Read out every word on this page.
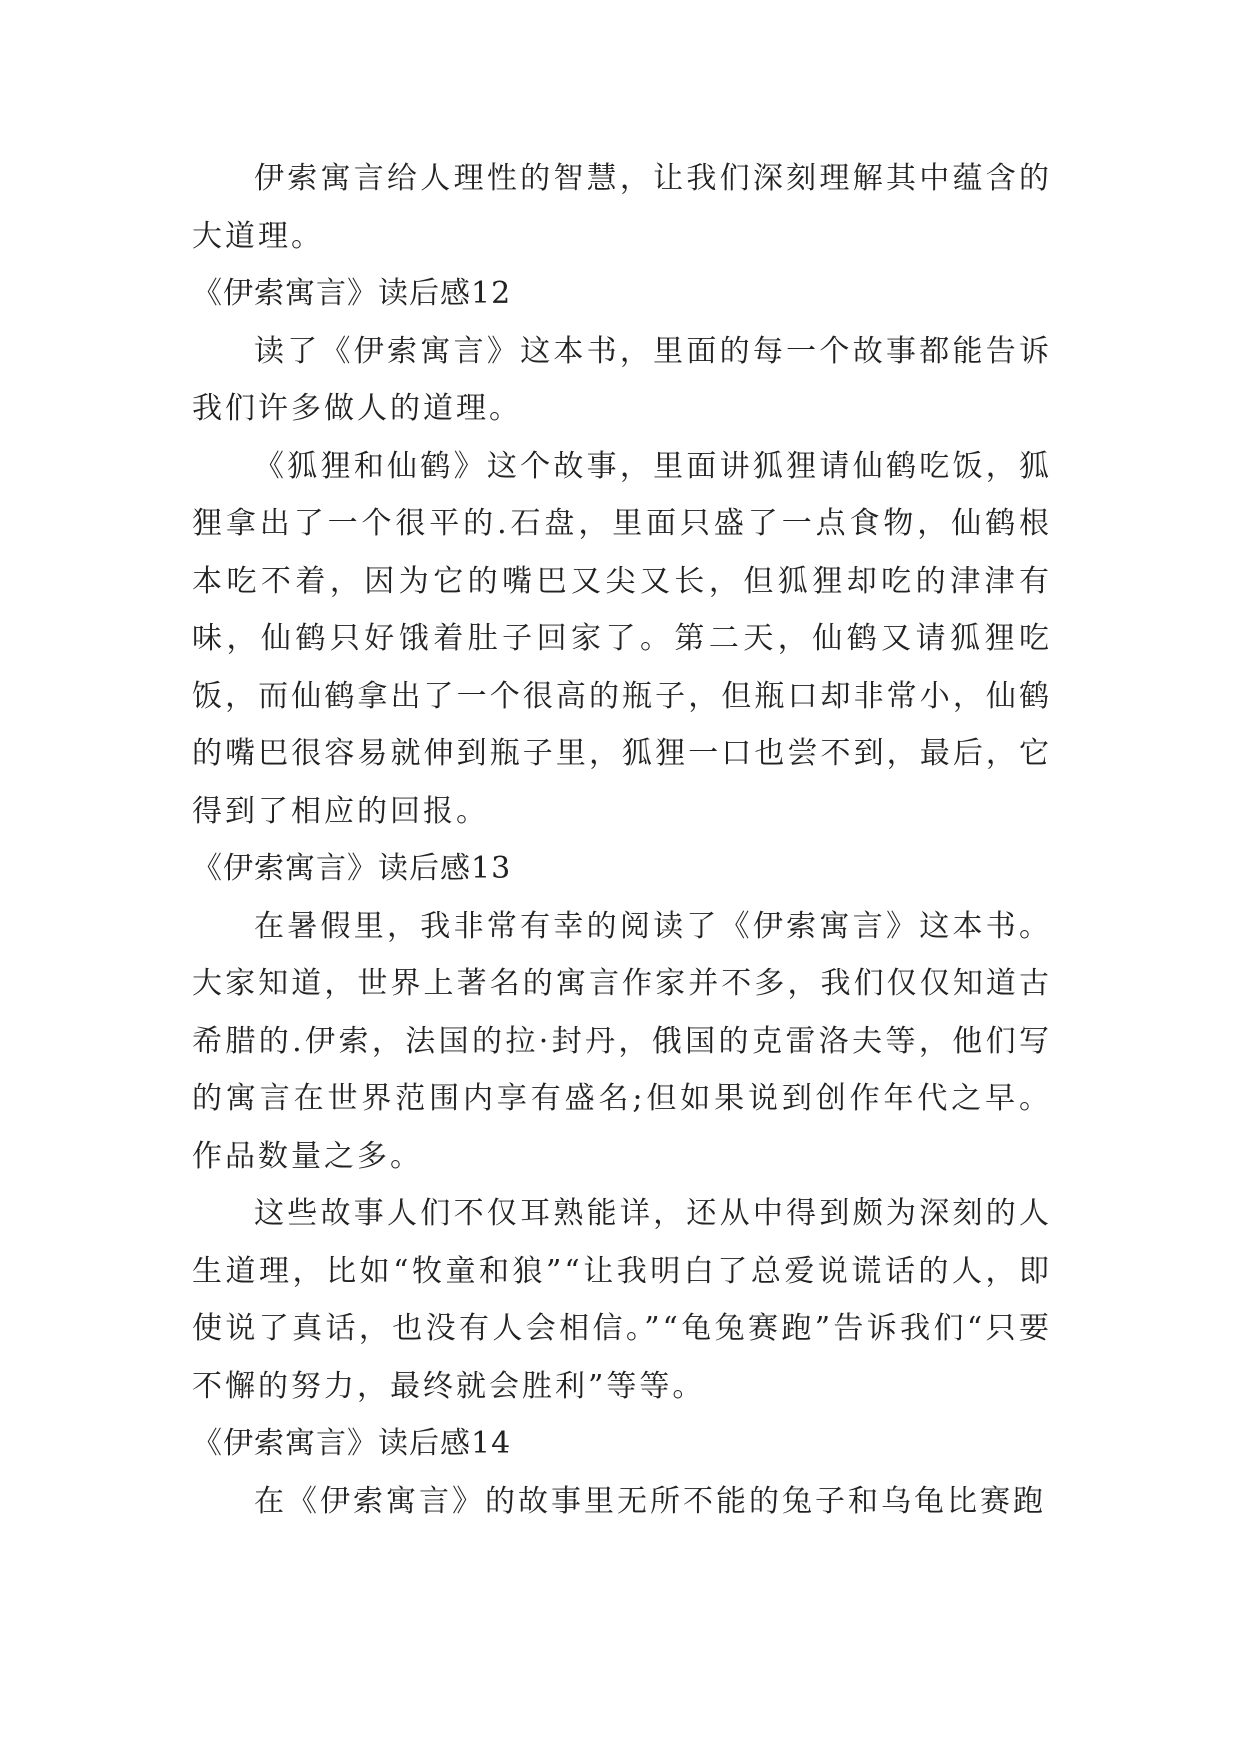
伊索寓言给人理性的智慧，让我们深刻理解其中蕴含的大道理。

《伊索寓言》读后感12

读了《伊索寓言》这本书，里面的每一个故事都能告诉我们许多做人的道理。

《狐狸和仙鹤》这个故事，里面讲狐狸请仙鹤吃饭，狐狸拿出了一个很平的.石盘，里面只盛了一点食物，仙鹤根本吃不着，因为它的嘴巴又尖又长，但狐狸却吃的津津有味，仙鹤只好饿着肚子回家了。第二天，仙鹤又请狐狸吃饭，而仙鹤拿出了一个很高的瓶子，但瓶口却非常小，仙鹤的嘴巴很容易就伸到瓶子里，狐狸一口也尝不到，最后，它得到了相应的回报。

《伊索寓言》读后感13

在暑假里，我非常有幸的阅读了《伊索寓言》这本书。大家知道，世界上著名的寓言作家并不多，我们仅仅知道古希腊的.伊索，法国的拉·封丹，俄国的克雷洛夫等，他们写的寓言在世界范围内享有盛名;但如果说到创作年代之早。作品数量之多。

这些故事人们不仅耳熟能详，还从中得到颇为深刻的人生道理，比如“牧童和狼”“让我明白了总爱说谎话的人，即使说了真话，也没有人会相信。”“龟兔赛跑”告诉我们“只要不懈的努力，最终就会胜利”等等。

《伊索寓言》读后感14

在《伊索寓言》的故事里无所不能的兔子和乌龟比赛跑
